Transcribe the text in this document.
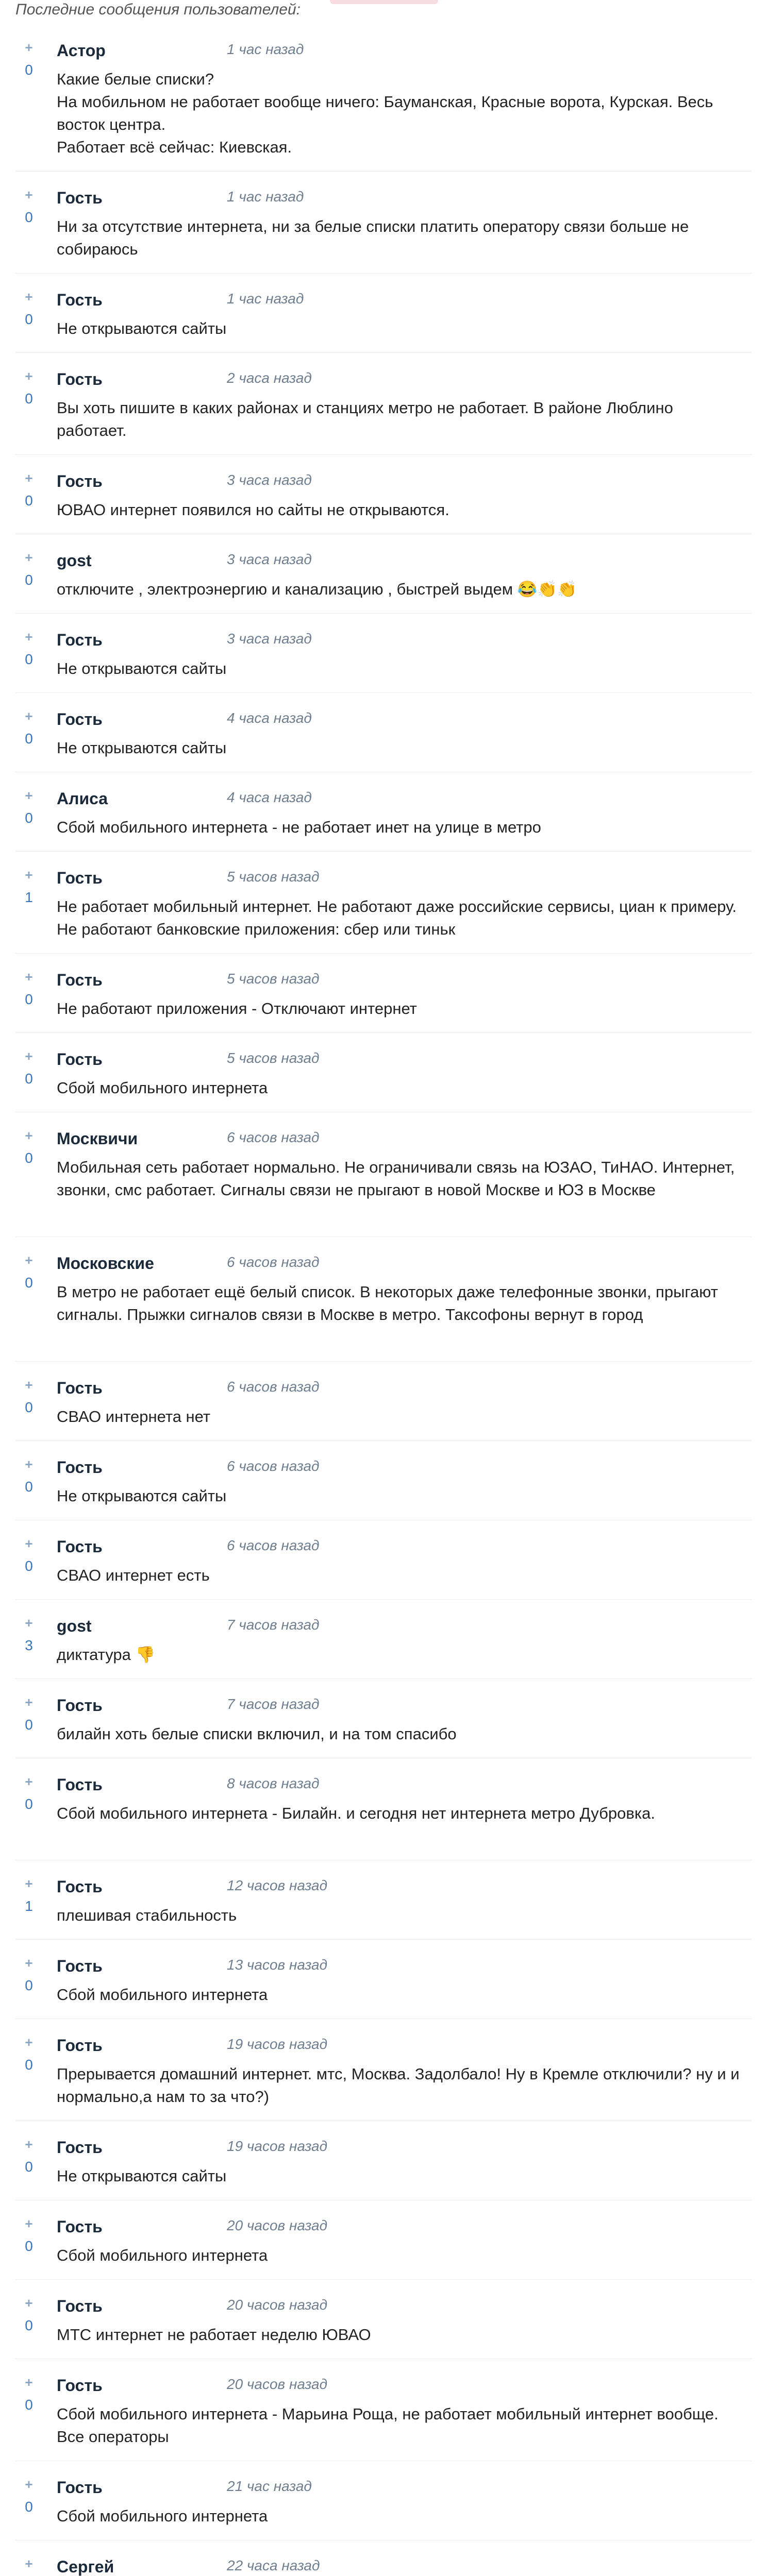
Последние сообщения пользователей:
+
0
Астор	1 час назад
Какие белые списки?
На мобильном не работает вообще ничего: Бауманская, Красные ворота, Курская. Весь восток центра.
Работает всё сейчас: Киевская.
+
0
Гость	1 час назад
Ни за отсутствие интернета, ни за белые списки платить оператору связи больше не собираюсь
+
0
Гость	1 час назад
Не открываются сайты
+
0
Гость	2 часа назад
Вы хоть пишите в каких районах и станциях метро не работает. В районе Люблино работает.
+
0
Гость	3 часа назад
ЮВАО интернет появился но сайты не открываются.
+
0
gost	3 часа назад
отключите , электроэнергию и канализацию , быстрей выдем 😂👏👏
+
0
Гость	3 часа назад
Не открываются сайты
+
0
Гость	4 часа назад
Не открываются сайты
+
0
Алиса	4 часа назад
Сбой мобильного интернета - не работает инет на улице в метро
+
1
Гость	5 часов назад
Не работает мобильный интернет. Не работают даже российские сервисы, циан к примеру. Не работают банковские приложения: сбер или тиньк
+
0
Гость	5 часов назад
Не работают приложения - Отключают интернет
+
0
Гость	5 часов назад
Сбой мобильного интернета
+
0
Москвичи	6 часов назад
Мобильная сеть работает нормально. Не ограничивали связь на ЮЗАО, ТиНАО. Интернет, звонки, смс работает. Сигналы связи не прыгают в новой Москве и ЮЗ в Москве
+
0
Московские	6 часов назад
В метро не работает ещё белый список. В некоторых даже телефонные звонки, прыгают сигналы. Прыжки сигналов связи в Москве в метро. Таксофоны вернут в город
+
0
Гость	6 часов назад
СВАО интернета нет
+
0
Гость	6 часов назад
Не открываются сайты
+
0
Гость	6 часов назад
СВАО интернет есть
+
3
gost	7 часов назад
диктатура 👎
+
0
Гость	7 часов назад
билайн хоть белые списки включил, и на том спасибо
+
0
Гость	8 часов назад
Сбой мобильного интернета - Билайн. и сегодня нет интернета метро Дубровка.
+
1
Гость	12 часов назад
плешивая стабильность
+
0
Гость	13 часов назад
Сбой мобильного интернета
+
0
Гость	19 часов назад
Прерывается домашний интернет. мтс, Москва. Задолбало! Ну в Кремле отключили? ну и и нормально,а нам то за что?)
+
0
Гость	19 часов назад
Не открываются сайты
+
0
Гость	20 часов назад
Сбой мобильного интернета
+
0
Гость	20 часов назад
МТС интернет не работает неделю ЮВАО
+
0
Гость	20 часов назад
Сбой мобильного интернета - Марьина Роща, не работает мобильный интернет вообще. Все операторы
+
0
Гость	21 час назад
Сбой мобильного интернета
+	Сергей	22 часа назад
